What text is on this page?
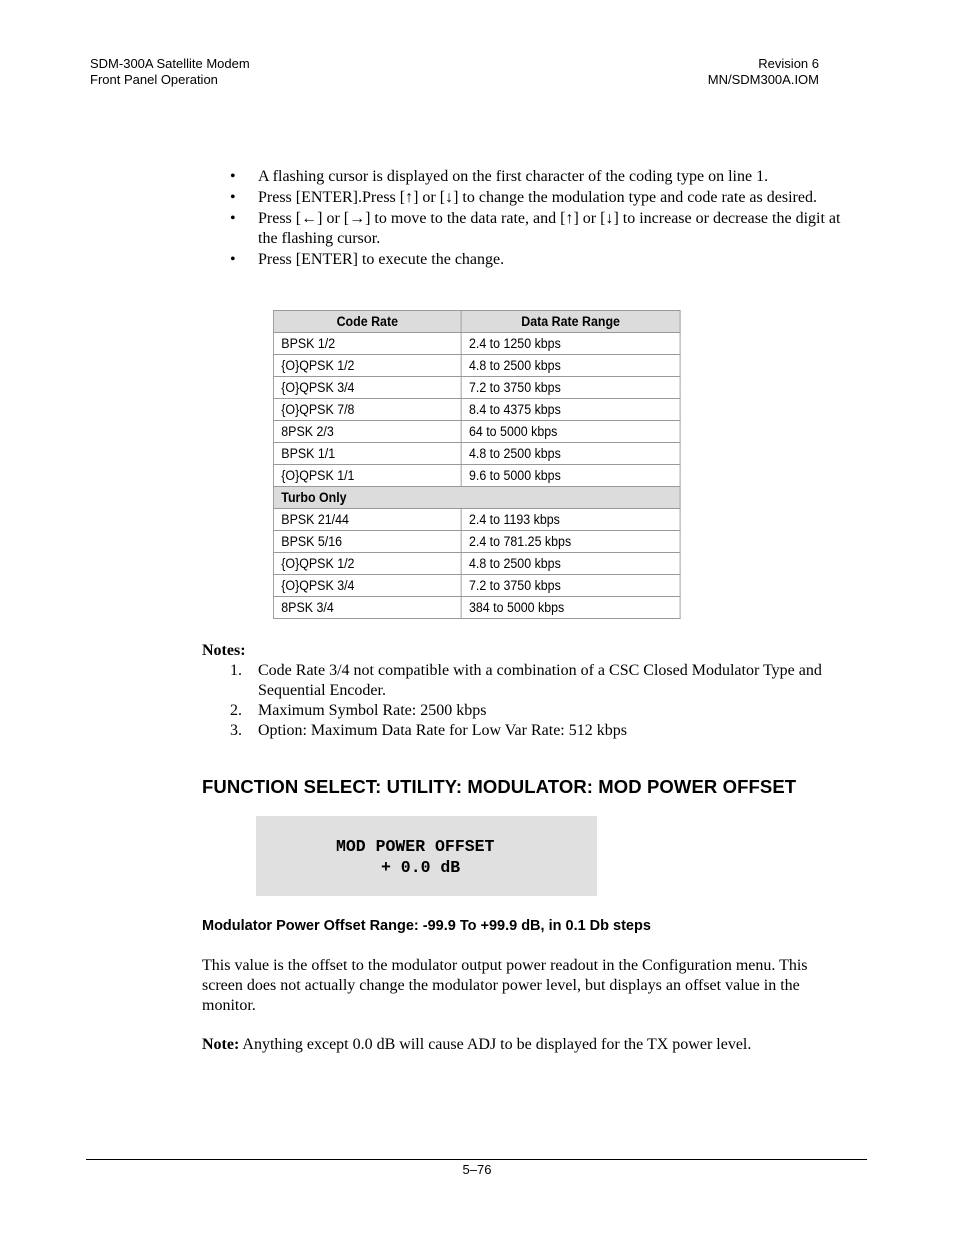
SDM-300A Satellite Modem
Front Panel Operation
Revision 6
MN/SDM300A.IOM
• A flashing cursor is displayed on the first character of the coding type on line 1.
• Press [ENTER].Press [↑] or [↓] to change the modulation type and code rate as desired.
• Press [←] or [→] to move to the data rate, and [↑] or [↓] to increase or decrease the digit at the flashing cursor.
• Press [ENTER] to execute the change.
Code Rate	Data Rate Range
BPSK 1/2	2.4 to 1250 kbps
{O}QPSK 1/2	4.8 to 2500 kbps
{O}QPSK 3/4	7.2 to 3750 kbps
{O}QPSK 7/8	8.4 to 4375 kbps
8PSK 2/3	64 to 5000 kbps
BPSK 1/1	4.8 to 2500 kbps
{O}QPSK 1/1	9.6 to 5000 kbps
Turbo Only	
BPSK 21/44	2.4 to 1193 kbps
BPSK 5/16	2.4 to 781.25 kbps
{O}QPSK 1/2	4.8 to 2500 kbps
{O}QPSK 3/4	7.2 to 3750 kbps
8PSK 3/4	384 to 5000 kbps
Notes:
1. Code Rate 3/4 not compatible with a combination of a CSC Closed Modulator Type and Sequential Encoder.
2. Maximum Symbol Rate: 2500 kbps
3. Option: Maximum Data Rate for Low Var Rate: 512 kbps
FUNCTION SELECT: UTILITY: MODULATOR: MOD POWER OFFSET
MOD POWER OFFSET
+ 0.0 dB
Modulator Power Offset Range: -99.9 To +99.9 dB, in 0.1 Db steps
This value is the offset to the modulator output power readout in the Configuration menu. This screen does not actually change the modulator power level, but displays an offset value in the monitor.
Note: Anything except 0.0 dB will cause ADJ to be displayed for the TX power level.
5–76
